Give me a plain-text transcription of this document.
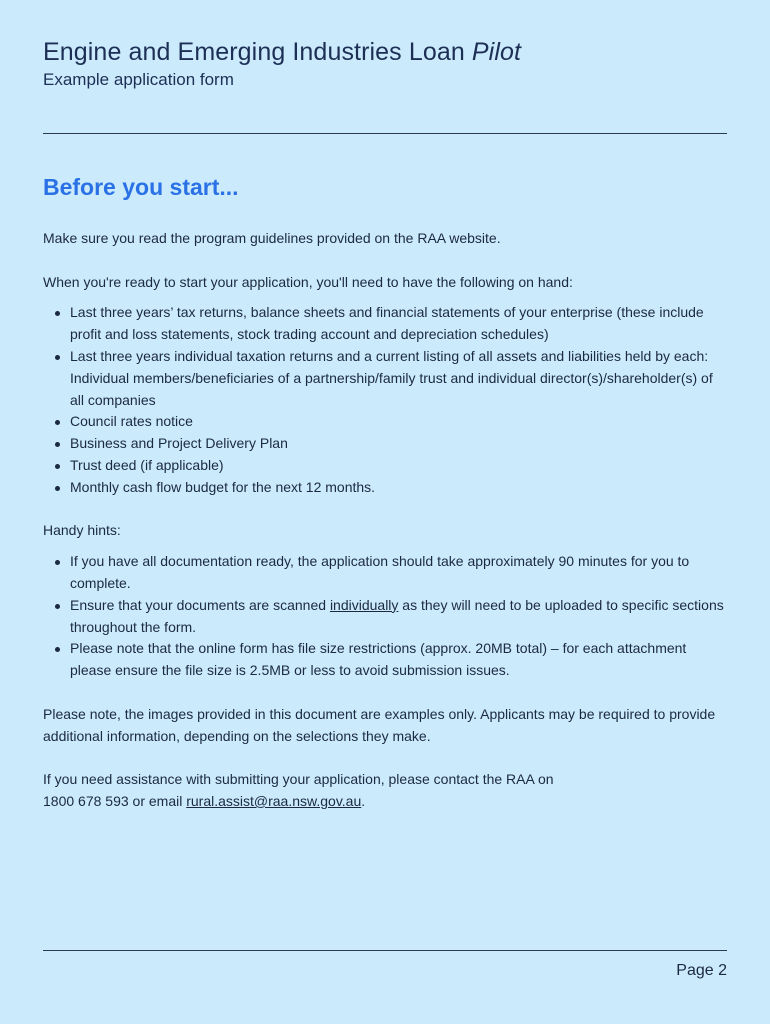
Engine and Emerging Industries Loan Pilot
Example application form
Before you start...

Make sure you read the program guidelines provided on the RAA website.

When you're ready to start your application, you'll need to have the following on hand:

Last three years’ tax returns, balance sheets and financial statements of your enterprise (these include profit and loss statements, stock trading account and depreciation schedules)
Last three years individual taxation returns and a current listing of all assets and liabilities held by each: Individual members/beneficiaries of a partnership/family trust and individual director(s)/shareholder(s) of all companies
Council rates notice
Business and Project Delivery Plan
Trust deed (if applicable)
Monthly cash flow budget for the next 12 months.

Handy hints:

If you have all documentation ready, the application should take approximately 90 minutes for you to complete.
Ensure that your documents are scanned individually as they will need to be uploaded to specific sections throughout the form.
Please note that the online form has file size restrictions (approx. 20MB total) – for each attachment please ensure the file size is 2.5MB or less to avoid submission issues.

Please note, the images provided in this document are examples only. Applicants may be required to provide additional information, depending on the selections they make.

If you need assistance with submitting your application, please contact the RAA on
1800 678 593 or email rural.assist@raa.nsw.gov.au.

Page 2
